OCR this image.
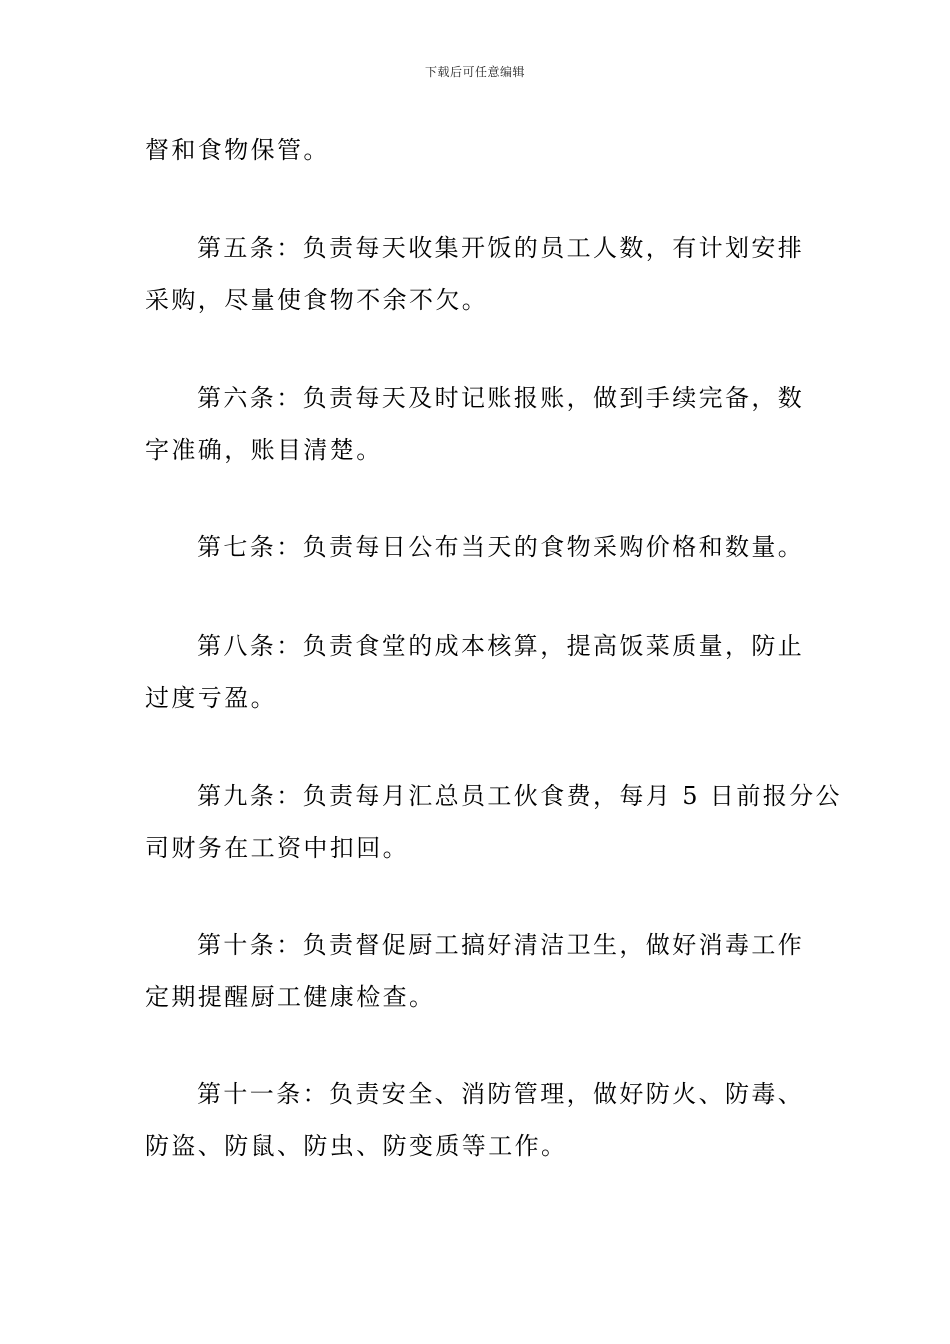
下载后可任意编辑
督和食物保管。
第五条：负责每天收集开饭的员工人数，有计划安排
采购，尽量使食物不余不欠。
第六条：负责每天及时记账报账，做到手续完备，数
字准确，账目清楚。
第七条：负责每日公布当天的食物采购价格和数量。
第八条：负责食堂的成本核算，提高饭菜质量，防止
过度亏盈。
第九条：负责每月汇总员工伙食费，每月 5 日前报分公
司财务在工资中扣回。
第十条：负责督促厨工搞好清洁卫生，做好消毒工作
定期提醒厨工健康检查。
第十一条：负责安全、消防管理，做好防火、防毒、
防盗、防鼠、防虫、防变质等工作。
